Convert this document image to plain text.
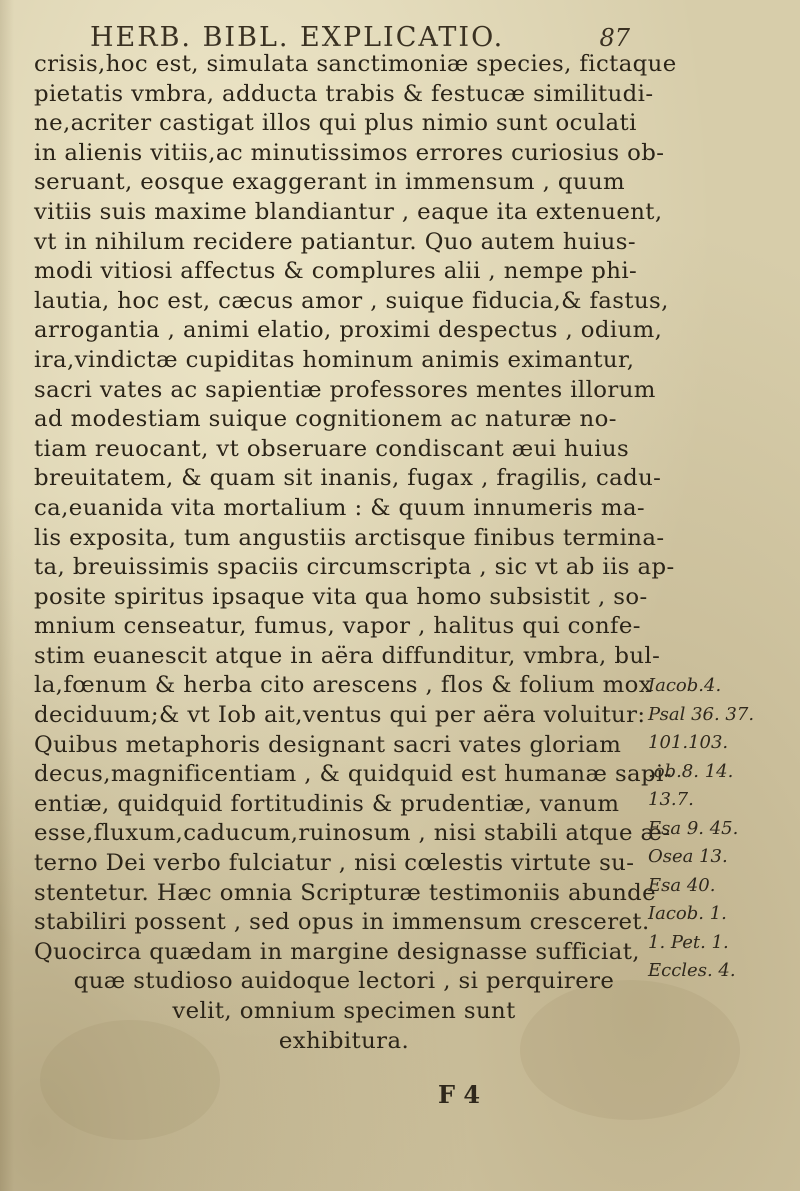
HERB. BIBL. EXPLICATIO.	87
crisis,hoc est, simulata sanctimoniæ species, fictaque
pietatis vmbra, adducta trabis & festucæ similitudi-
ne,acriter castigat illos qui plus nimio sunt oculati
in alienis vitiis,ac minutissimos errores curiosius ob-
seruant, eosque exaggerant in immensum , quum
vitiis suis maxime blandiantur , eaque ita extenuent,
vt in nihilum recidere patiantur. Quo autem huius-
modi vitiosi affectus & complures alii , nempe phi-
lautia, hoc est, cæcus amor , suique fiducia,& fastus,
arrogantia , animi elatio, proximi despectus , odium,
ira,vindictæ cupiditas hominum animis eximantur,
sacri vates ac sapientiæ professores mentes illorum
ad modestiam suique cognitionem ac naturæ no-
tiam reuocant, vt obseruare condiscant æui huius
breuitatem, & quam sit inanis, fugax , fragilis, cadu-
ca,euanida vita mortalium : & quum innumeris ma-
lis exposita, tum angustiis arctisque finibus termina-
ta, breuissimis spaciis circumscripta , sic vt ab iis ap-
posite spiritus ipsaque vita qua homo subsistit , so-
mnium censeatur, fumus, vapor , halitus qui confe-
stim euanescit atque in aëra diffunditur, vmbra, bul-
la,fœnum & herba cito arescens , flos & folium mox
deciduum;& vt Iob ait,ventus qui per aëra voluitur:
Quibus metaphoris designant sacri vates gloriam
decus,magnificentiam , & quidquid est humanæ sapi-
entiæ, quidquid fortitudinis & prudentiæ, vanum
esse,fluxum,caducum,ruinosum , nisi stabili atque æ-
terno Dei verbo fulciatur , nisi cœlestis virtute su-
stentetur. Hæc omnia Scripturæ testimoniis abunde
stabiliri possent , sed opus in immensum cresceret.
Quocirca quædam in margine designasse sufficiat,
quæ studioso auidoque lectori , si perquirere
velit, omnium specimen sunt
exhibitura.
Iacob.4.
Psal 36. 37.
101.103.
.ob.8. 14.
13.7.
Esa 9. 45.
Osea 13.
Esa 40.
Iacob. 1.
1. Pet. 1.
Eccles. 4.
F 4
